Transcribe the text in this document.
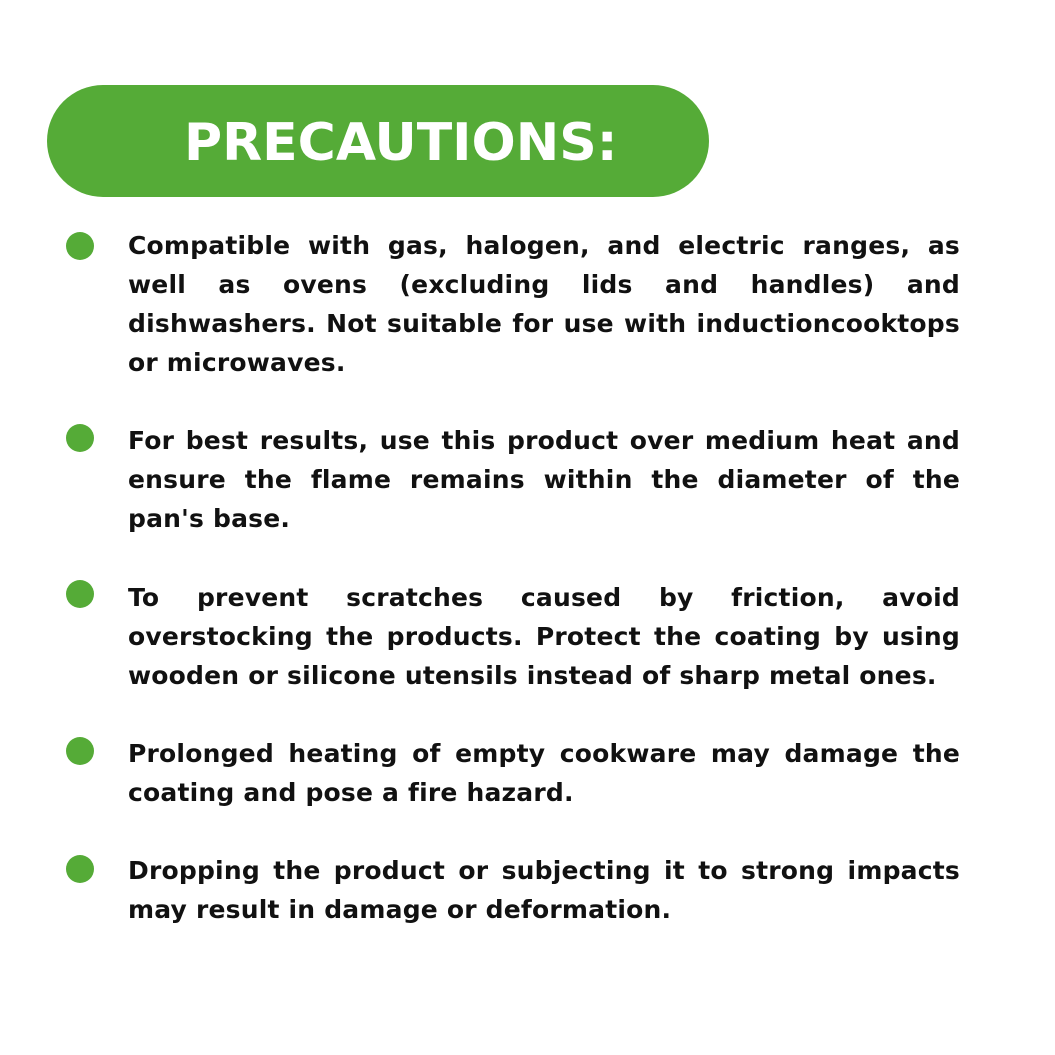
PRECAUTIONS:

Compatible with gas, halogen, and electric ranges, as well as ovens (excluding lids and handles) and dishwashers. Not suitable for use with inductioncooktops or microwaves.

For best results, use this product over medium heat and ensure the flame remains within the diameter of the pan's base.

To prevent scratches caused by friction, avoid overstocking the products. Protect the coating by using wooden or silicone utensils instead of sharp metal ones.

Prolonged heating of empty cookware may damage the coating and pose a fire hazard.

Dropping the product or subjecting it to strong impacts may result in damage or deformation.
